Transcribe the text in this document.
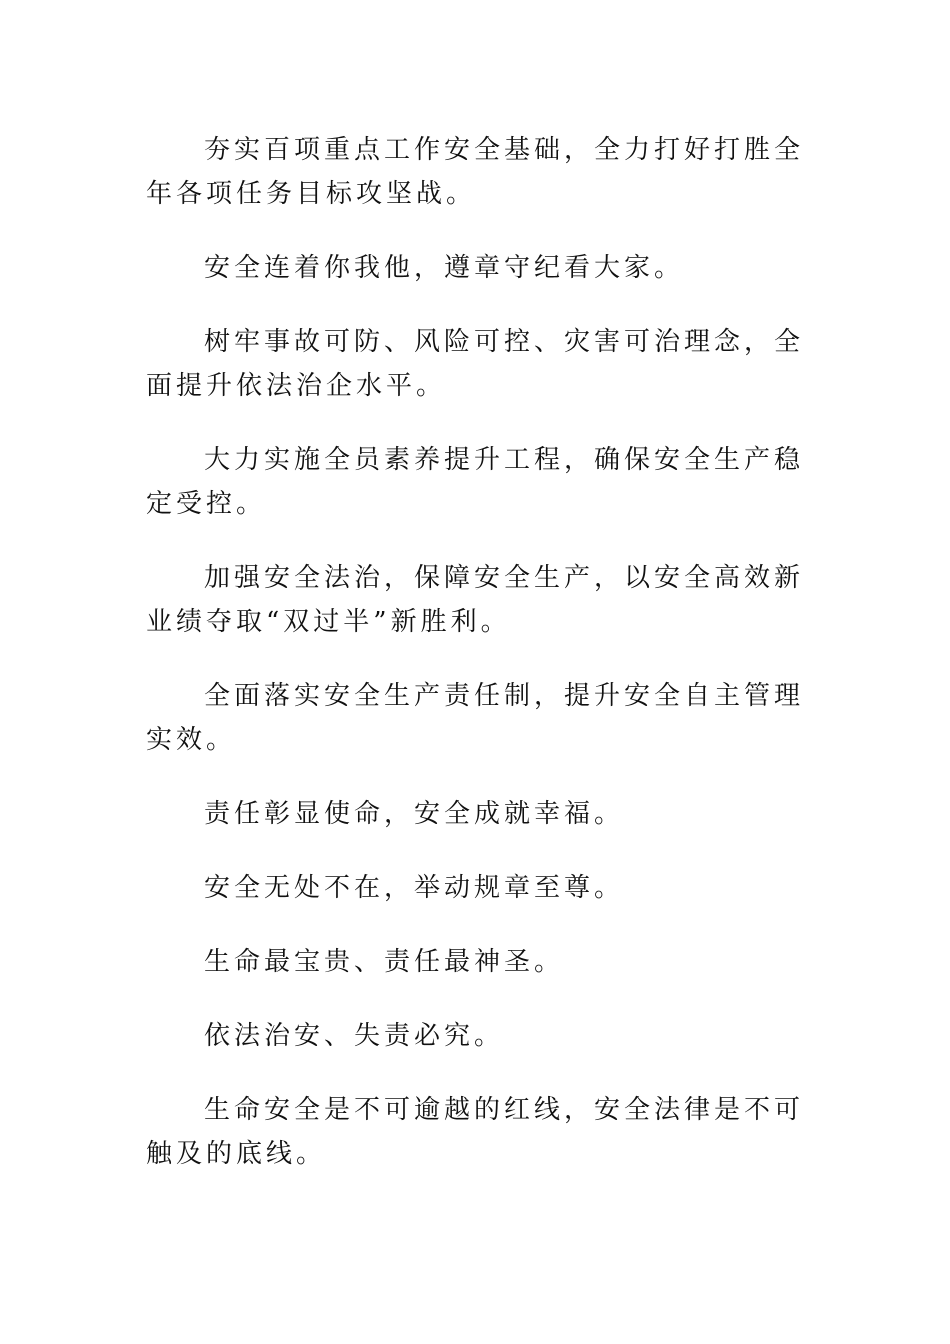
夯实百项重点工作安全基础，全力打好打胜全年各项任务目标攻坚战。

安全连着你我他，遵章守纪看大家。

树牢事故可防、风险可控、灾害可治理念，全面提升依法治企水平。

大力实施全员素养提升工程，确保安全生产稳定受控。

加强安全法治，保障安全生产，以安全高效新业绩夺取“双过半”新胜利。

全面落实安全生产责任制，提升安全自主管理实效。

责任彰显使命，安全成就幸福。

安全无处不在，举动规章至尊。

生命最宝贵、责任最神圣。

依法治安、失责必究。

生命安全是不可逾越的红线，安全法律是不可触及的底线。
